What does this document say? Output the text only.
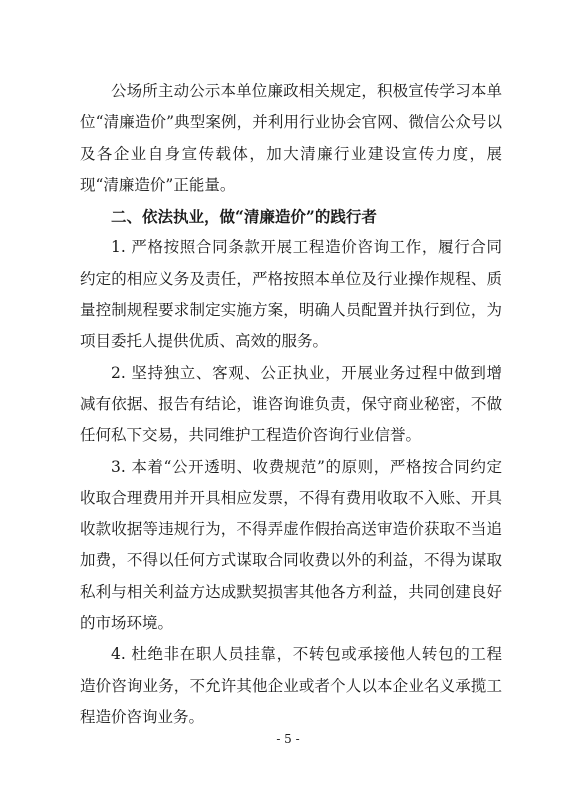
公场所主动公示本单位廉政相关规定，积极宣传学习本单位“清廉造价”典型案例，并利用行业协会官网、微信公众号以及各企业自身宣传载体，加大清廉行业建设宣传力度，展现“清廉造价”正能量。

二、依法执业，做“清廉造价”的践行者

1. 严格按照合同条款开展工程造价咨询工作，履行合同约定的相应义务及责任，严格按照本单位及行业操作规程、质量控制规程要求制定实施方案，明确人员配置并执行到位，为项目委托人提供优质、高效的服务。

2. 坚持独立、客观、公正执业，开展业务过程中做到增减有依据、报告有结论，谁咨询谁负责，保守商业秘密，不做任何私下交易，共同维护工程造价咨询行业信誉。

3. 本着“公开透明、收费规范”的原则，严格按合同约定收取合理费用并开具相应发票，不得有费用收取不入账、开具收款收据等违规行为，不得弄虚作假抬高送审造价获取不当追加费，不得以任何方式谋取合同收费以外的利益，不得为谋取私利与相关利益方达成默契损害其他各方利益，共同创建良好的市场环境。

4. 杜绝非在职人员挂靠，不转包或承接他人转包的工程造价咨询业务，不允许其他企业或者个人以本企业名义承揽工程造价咨询业务。

- 5 -
